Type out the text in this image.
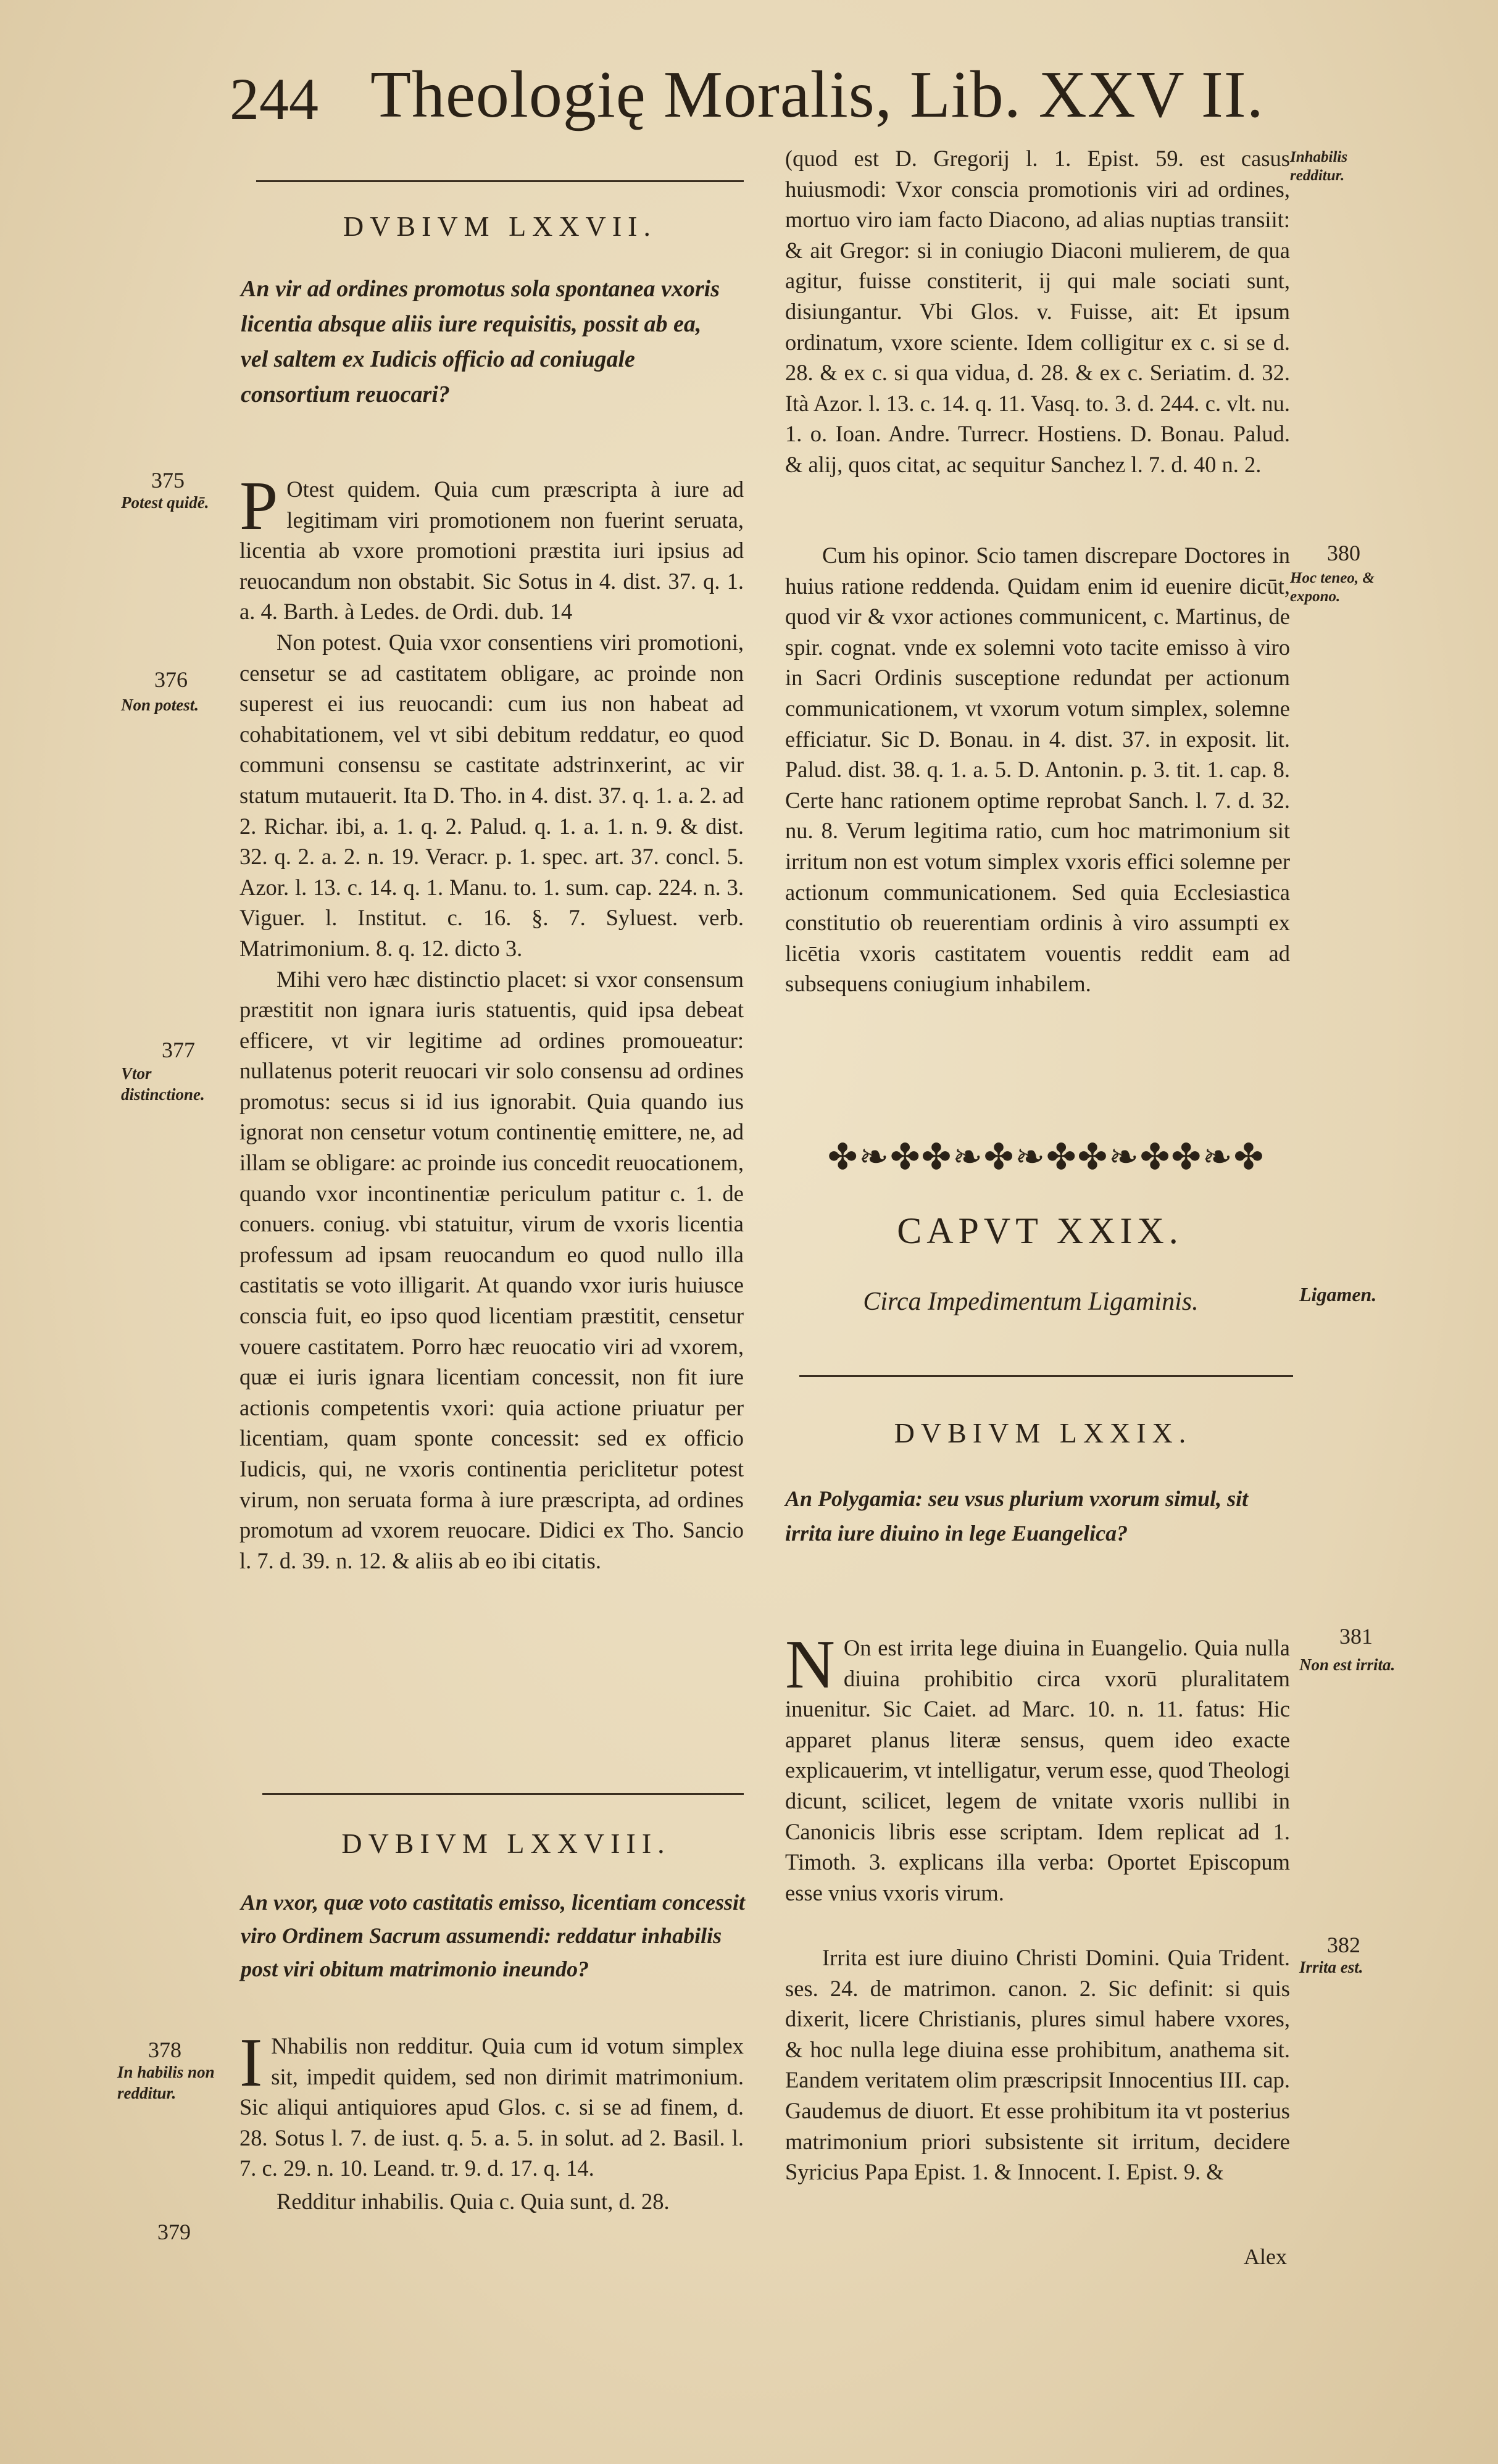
244 Theologię Moralis, Lib. XXV II.
DVBIVM LXXVII.
An vir ad ordines promotus sola spontanea vxoris licentia absque aliis iure requisitis, possit ab ea, vel saltem ex Iudicis officio ad coniugale consortium reuocari?
375
Potest quidē.
376
Non potest.
377
Vtor distinctione.

P Otest quidem. Quia cum præscripta à iure ad legitimam viri promotionem non fuerint seruata, licentia ab vxore promotioni præstita iuri ipsius ad reuocandum non obstabit. Sic Sotus in 4. dist. 37. q. 1. a. 4. Barth. à Ledes. de Ordi. dub. 14

Non potest. Quia vxor consentiens viri promotioni, censetur se ad castitatem obligare, ac proinde non superest ei ius reuocandi: cum ius non habeat ad cohabitationem, vel vt sibi debitum reddatur, eo quod communi consensu se castitate adstrinxerint, ac vir statum mutauerit. Ita D. Tho. in 4. dist. 37. q. 1. a. 2. ad 2. Richar. ibi, a. 1. q. 2. Palud. q. 1. a. 1. n. 9. & dist. 32. q. 2. a. 2. n. 19. Veracr. p. 1. spec. art. 37. concl. 5. Azor. l. 13. c. 14. q. 1. Manu. to. 1. sum. cap. 224. n. 3. Viguer. l. Institut. c. 16. §. 7. Syluest. verb. Matrimonium. 8. q. 12. dicto 3.

Mihi vero hæc distinctio placet: si vxor consensum præstitit non ignara iuris statuentis, quid ipsa debeat efficere, vt vir legitime ad ordines promoueatur: nullatenus poterit reuocari vir solo consensu ad ordines promotus: secus si id ius ignorabit. Quia quando ius ignorat non censetur votum continentię emittere, ne, ad illam se obligare: ac proinde ius concedit reuocationem, quando vxor incontinentiæ periculum patitur c. 1. de conuers. coniug. vbi statuitur, virum de vxoris licentia professum ad ipsam reuocandum eo quod nullo illa castitatis se voto illigarit. At quando vxor iuris huiusce conscia fuit, eo ipso quod licentiam præstitit, censetur vouere castitatem. Porro hæc reuocatio viri ad vxorem, quæ ei iuris ignara licentiam concessit, non fit iure actionis competentis vxori: quia actione priuatur per licentiam, quam sponte concessit: sed ex officio Iudicis, qui, ne vxoris continentia periclitetur potest virum, non seruata forma à iure præscripta, ad ordines promotum ad vxorem reuocare. Didici ex Tho. Sancio l. 7. d. 39. n. 12. & aliis ab eo ibi citatis.

DVBIVM LXXVIII.
An vxor, quæ voto castitatis emisso, licentiam concessit viro Ordinem Sacrum assumendi: reddatur inhabilis post viri obitum matrimonio ineundo?
378
In habilis non redditur.
379

I Nhabilis non redditur. Quia cum id votum simplex sit, impedit quidem, sed non dirimit matrimonium. Sic aliqui antiquiores apud Glos. c. si se ad finem, d. 28. Sotus l. 7. de iust. q. 5. a. 5. in solut. ad 2. Basil. l. 7. c. 29. n. 10. Leand. tr. 9. d. 17. q. 14.

Redditur inhabilis. Quia c. Quia sunt, d. 28.

Inhabilis redditur.

(quod est D. Gregorij l. 1. Epist. 59. est casus huiusmodi: Vxor conscia promotionis viri ad ordines, mortuo viro iam facto Diacono, ad alias nuptias transiit: & ait Gregor: si in coniugio Diaconi mulierem, de qua agitur, fuisse constiterit, ij qui male sociati sunt, disiungantur. Vbi Glos. v. Fuisse, ait: Et ipsum ordinatum, vxore sciente. Idem colligitur ex c. si se d. 28. & ex c. si qua vidua, d. 28. & ex c. Seriatim. d. 32. Ità Azor. l. 13. c. 14. q. 11. Vasq. to. 3. d. 244. c. vlt. nu. 1. o. Ioan. Andre. Turrecr. Hostiens. D. Bonau. Palud. & alij, quos citat, ac sequitur Sanchez l. 7. d. 40 n. 2.

380
Hoc teneo, & expono.

Cum his opinor. Scio tamen discrepare Doctores in huius ratione reddenda. Quidam enim id euenire dicūt, quod vir & vxor actiones communicent, c. Martinus, de spir. cognat. vnde ex solemni voto tacite emisso à viro in Sacri Ordinis susceptione redundat per actionum communicationem, vt vxorum votum simplex, solemne efficiatur. Sic D. Bonau. in 4. dist. 37. in exposit. lit. Palud. dist. 38. q. 1. a. 5. D. Antonin. p. 3. tit. 1. cap. 8. Certe hanc rationem optime reprobat Sanch. l. 7. d. 32. nu. 8. Verum legitima ratio, cum hoc matrimonium sit irritum non est votum simplex vxoris effici solemne per actionum communicationem. Sed quia Ecclesiastica constitutio ob reuerentiam ordinis à viro assumpti ex licētia vxoris castitatem vouentis reddit eam ad subsequens coniugium inhabilem.

✤❧✤✤❧✤❧✤✤❧✤✤❧✤
CAPVT XXIX.
Circa Impedimentum Ligaminis.	Ligamen.
DVBIVM LXXIX.
An Polygamia: seu vsus plurium vxorum simul, sit irrita iure diuino in lege Euangelica?
381
Non est irrita.

N On est irrita lege diuina in Euangelio. Quia nulla diuina prohibitio circa vxorū pluralitatem inuenitur. Sic Caiet. ad Marc. 10. n. 11. fatus: Hic apparet planus literæ sensus, quem ideo exacte explicauerim, vt intelligatur, verum esse, quod Theologi dicunt, scilicet, legem de vnitate vxoris nullibi in Canonicis libris esse scriptam. Idem replicat ad 1. Timoth. 3. explicans illa verba: Oportet Episcopum esse vnius vxoris virum.

382
Irrita est.

Irrita est iure diuino Christi Domini. Quia Trident. ses. 24. de matrimon. canon. 2. Sic definit: si quis dixerit, licere Christianis, plures simul habere vxores, & hoc nulla lege diuina esse prohibitum, anathema sit. Eandem veritatem olim præscripsit Innocentius III. cap. Gaudemus de diuort. Et esse prohibitum ita vt posterius matrimonium priori subsistente sit irritum, decidere Syricius Papa Epist. 1. & Innocent. I. Epist. 9. &

Alex
